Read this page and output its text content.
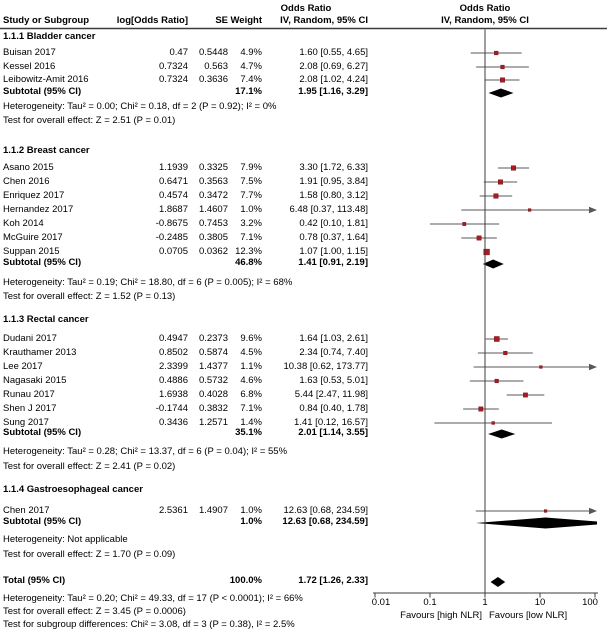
Study or Subgroup	log[Odds Ratio]	SE Weight
Odds Ratio
IV, Random, 95% CI
Odds Ratio
IV, Random, 95% CI
0.01	0.1	1	10	100
Favours [high NLR] Favours [low NLR]
1.1.1 Bladder cancer
Buisan 2017	0.47	0.5448	4.9%	1.60 [0.55, 4.65]
Kessel 2016	0.7324	0.563	4.7%	2.08 [0.69, 6.27]
Leibowitz-Amit 2016	0.7324	0.3636	7.4%	2.08 [1.02, 4.24]
Subtotal (95% CI)	17.1%	1.95 [1.16, 3.29]
Heterogeneity: Tau² = 0.00; Chi² = 0.18, df = 2 (P = 0.92); I² = 0%
Test for overall effect: Z = 2.51 (P = 0.01)
1.1.2 Breast cancer
Asano 2015	1.1939	0.3325	7.9%	3.30 [1.72, 6.33]
Chen 2016	0.6471	0.3563	7.5%	1.91 [0.95, 3.84]
Enriquez 2017	0.4574	0.3472	7.7%	1.58 [0.80, 3.12]
Hernandez 2017	1.8687	1.4607	1.0%	6.48 [0.37, 113.48]
Koh 2014	-0.8675	0.7453	3.2%	0.42 [0.10, 1.81]
McGuire 2017	-0.2485	0.3805	7.1%	0.78 [0.37, 1.64]
Suppan 2015	0.0705	0.0362 12.3%	1.07 [1.00, 1.15]
Subtotal (95% CI)	46.8%	1.41 [0.91, 2.19]
Heterogeneity: Tau² = 0.19; Chi² = 18.80, df = 6 (P = 0.005); I² = 68%
Test for overall effect: Z = 1.52 (P = 0.13)
1.1.3 Rectal cancer
Dudani 2017	0.4947	0.2373	9.6%	1.64 [1.03, 2.61]
Krauthamer 2013	0.8502	0.5874	4.5%	2.34 [0.74, 7.40]
Lee 2017	2.3399	1.4377	1.1%	10.38 [0.62, 173.77]
Nagasaki 2015	0.4886	0.5732	4.6%	1.63 [0.53, 5.01]
Runau 2017	1.6938	0.4028	6.8%	5.44 [2.47, 11.98]
Shen J 2017	-0.1744	0.3832	7.1%	0.84 [0.40, 1.78]
Sung 2017	0.3436	1.2571	1.4%	1.41 [0.12, 16.57]
Subtotal (95% CI)	35.1%	2.01 [1.14, 3.55]
Heterogeneity: Tau² = 0.28; Chi² = 13.37, df = 6 (P = 0.04); I² = 55%
Test for overall effect: Z = 2.41 (P = 0.02)
1.1.4 Gastroesophageal cancer
Chen 2017	2.5361	1.4907	1.0%	12.63 [0.68, 234.59]
Subtotal (95% CI)	1.0%	12.63 [0.68, 234.59]
Heterogeneity: Not applicable
Test for overall effect: Z = 1.70 (P = 0.09)
Total (95% CI)	100.0%	1.72 [1.26, 2.33]
Heterogeneity: Tau² = 0.20; Chi² = 49.33, df = 17 (P < 0.0001); I² = 66%
Test for overall effect: Z = 3.45 (P = 0.0006)
Test for subgroup differences: Chi² = 3.08, df = 3 (P = 0.38), I² = 2.5%
